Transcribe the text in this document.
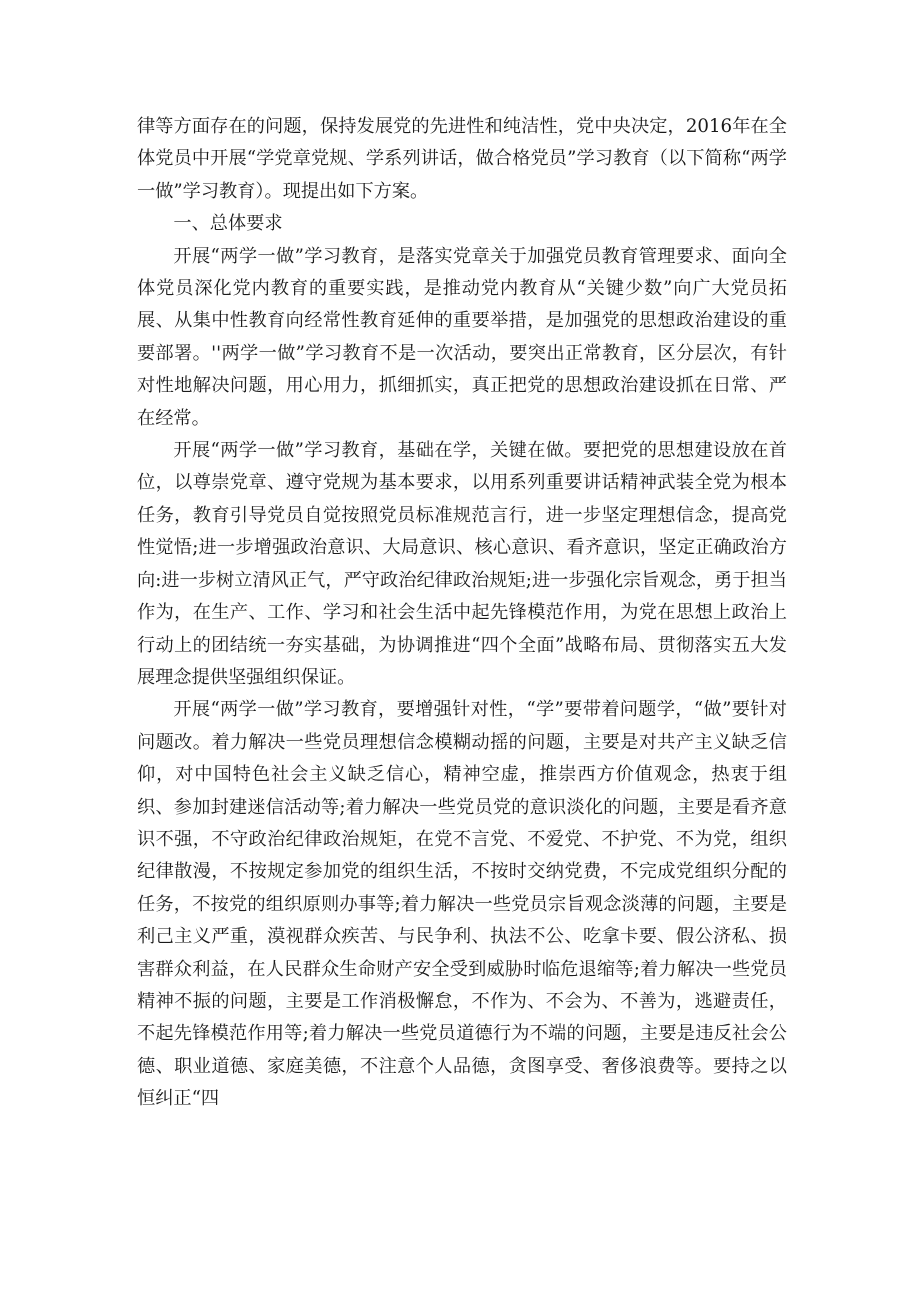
律等方面存在的问题，保持发展党的先进性和纯洁性，党中央决定，2016年在全体党员中开展“学党章党规、学系列讲话，做合格党员”学习教育（以下简称“两学一做”学习教育）。现提出如下方案。

一、总体要求

开展“两学一做”学习教育，是落实党章关于加强党员教育管理要求、面向全体党员深化党内教育的重要实践，是推动党内教育从“关键少数”向广大党员拓展、从集中性教育向经常性教育延伸的重要举措，是加强党的思想政治建设的重要部署。''两学一做”学习教育不是一次活动，要突出正常教育，区分层次，有针对性地解决问题，用心用力，抓细抓实，真正把党的思想政治建设抓在日常、严在经常。

开展“两学一做”学习教育，基础在学，关键在做。要把党的思想建设放在首位，以尊崇党章、遵守党规为基本要求，以用系列重要讲话精神武装全党为根本任务，教育引导党员自觉按照党员标准规范言行，进一步坚定理想信念，提高党性觉悟;进一步增强政治意识、大局意识、核心意识、看齐意识，坚定正确政治方向:进一步树立清风正气，严守政治纪律政治规矩;进一步强化宗旨观念，勇于担当作为，在生产、工作、学习和社会生活中起先锋模范作用，为党在思想上政治上行动上的团结统一夯实基础，为协调推进“四个全面”战略布局、贯彻落实五大发展理念提供坚强组织保证。

开展“两学一做”学习教育，要增强针对性，“学”要带着问题学，“做”要针对问题改。着力解决一些党员理想信念模糊动摇的问题，主要是对共产主义缺乏信仰，对中国特色社会主义缺乏信心，精神空虚，推崇西方价值观念，热衷于组织、参加封建迷信活动等;着力解决一些党员党的意识淡化的问题，主要是看齐意识不强，不守政治纪律政治规矩，在党不言党、不爱党、不护党、不为党，组织纪律散漫，不按规定参加党的组织生活，不按时交纳党费，不完成党组织分配的任务，不按党的组织原则办事等;着力解决一些党员宗旨观念淡薄的问题，主要是利己主义严重，漠视群众疾苦、与民争利、执法不公、吃拿卡要、假公济私、损害群众利益，在人民群众生命财产安全受到威胁时临危退缩等;着力解决一些党员精神不振的问题，主要是工作消极懈怠，不作为、不会为、不善为，逃避责任，不起先锋模范作用等;着力解决一些党员道德行为不端的问题，主要是违反社会公德、职业道德、家庭美德，不注意个人品德，贪图享受、奢侈浪费等。要持之以恒纠正“四
